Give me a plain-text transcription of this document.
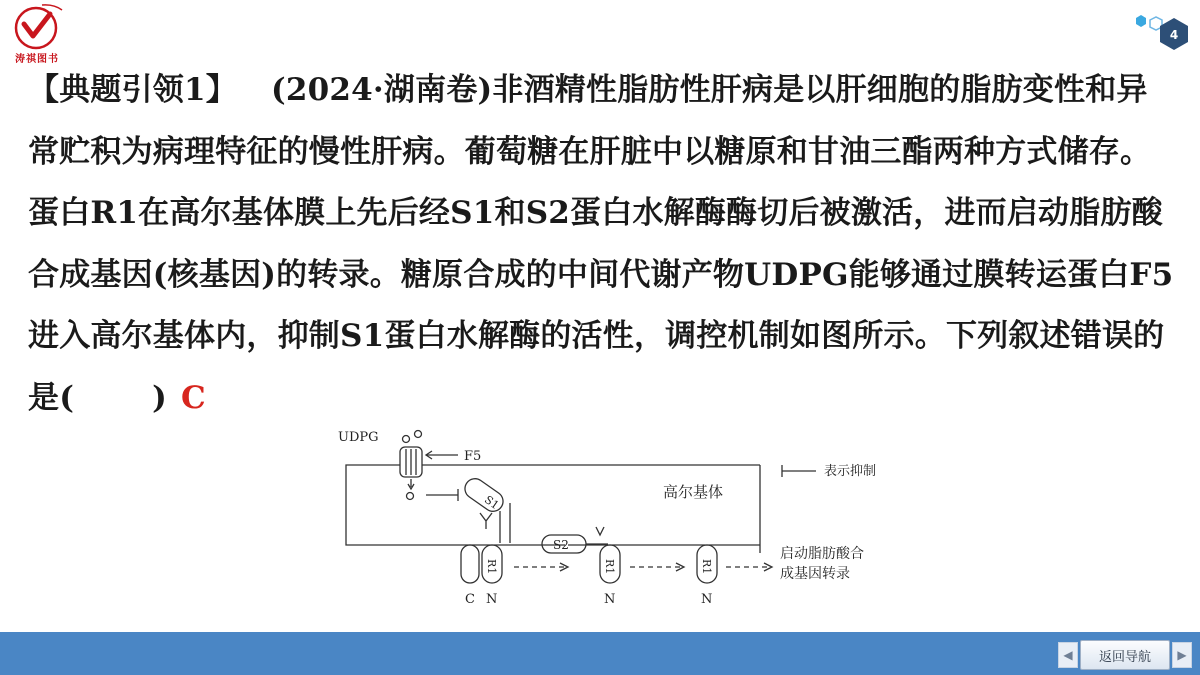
涛祺图书
4

【典题引领1】 (2024·湖南卷)非酒精性脂肪性肝病是以肝细胞的脂肪变性和异常贮积为病理特征的慢性肝病。葡萄糖在肝脏中以糖原和甘油三酯两种方式储存。蛋白R1在高尔基体膜上先后经S1和S2蛋白水解酶酶切后被激活，进而启动脂肪酸合成基因(核基因)的转录。糖原合成的中间代谢产物UDPG能够通过膜转运蛋白F5进入高尔基体内，抑制S1蛋白水解酶的活性，调控机制如图所示。下列叙述错误的是(	) C

UDPG
F5
高尔基体
S1
S2
R1	R1	R1
C N	N	N
表示抑制
启动脂肪酸合
成基因转录
◀	返回导航	▶
